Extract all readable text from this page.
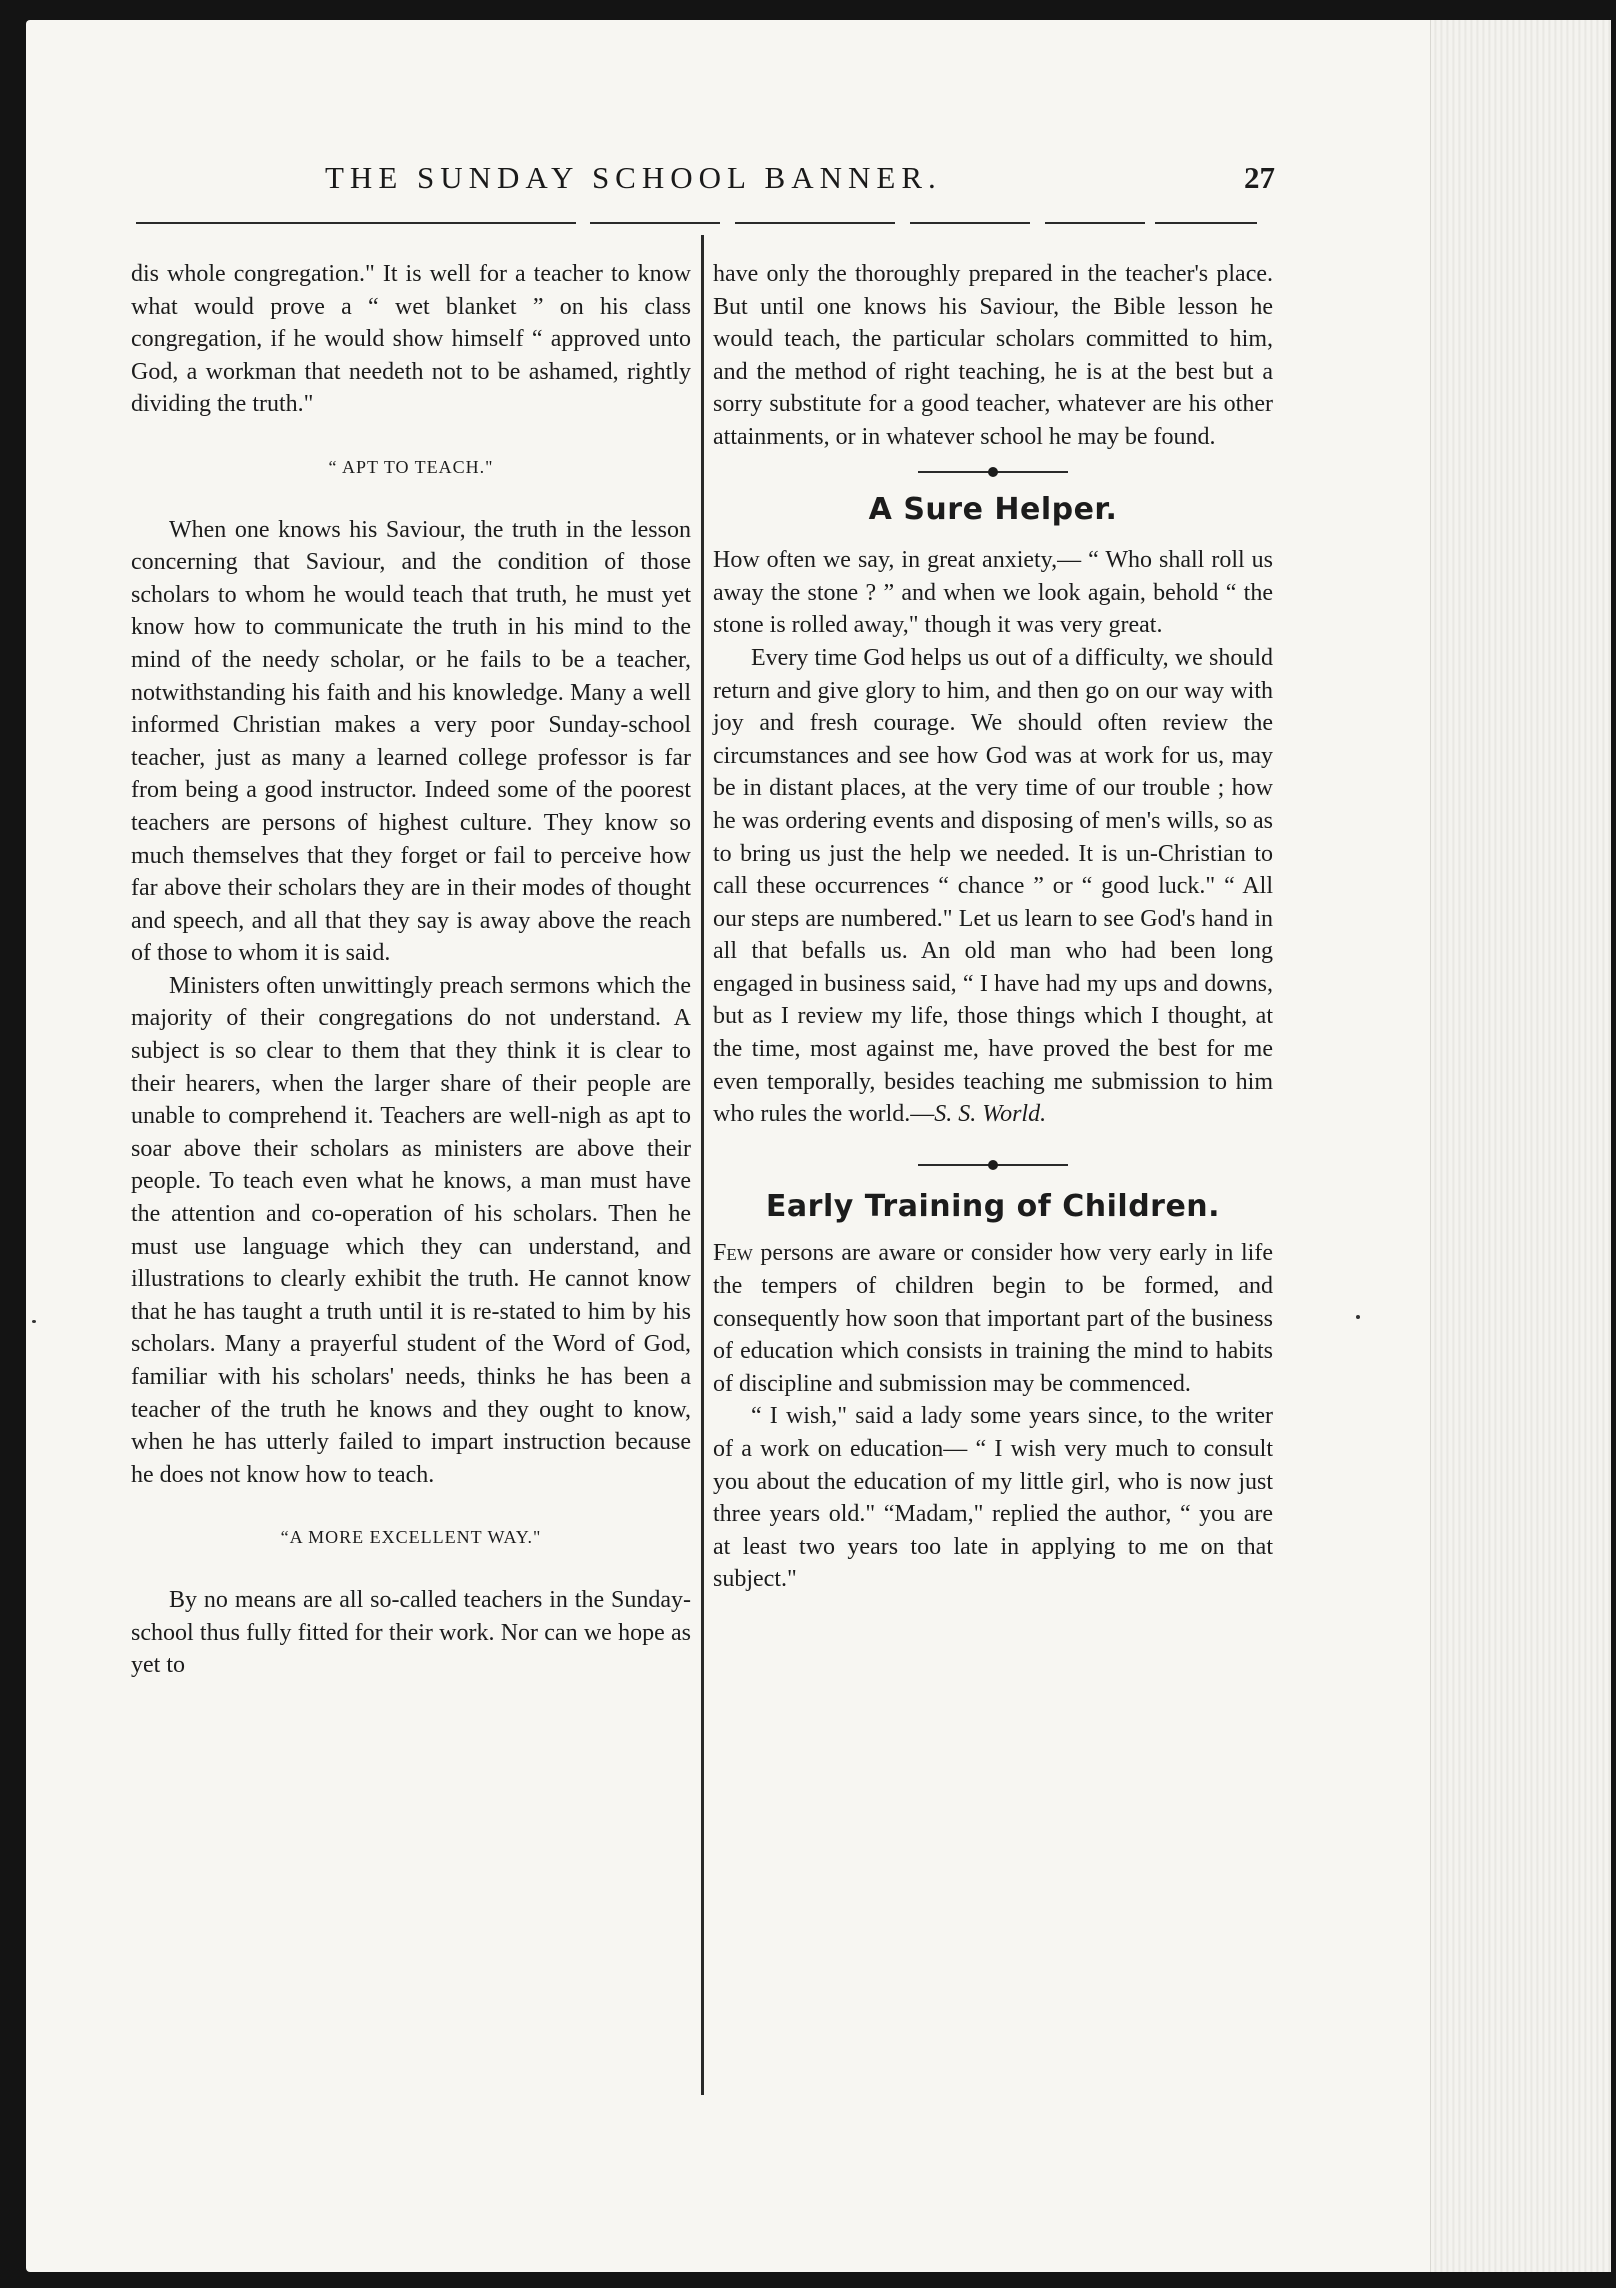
THE SUNDAY SCHOOL BANNER.	27

dis whole congregation." It is well for a teacher to know what would prove a “ wet blanket ” on his class congregation, if he would show himself “ approved unto God, a workman that needeth not to be ashamed, rightly dividing the truth."

“ APT TO TEACH."

When one knows his Saviour, the truth in the lesson concerning that Saviour, and the condition of those scholars to whom he would teach that truth, he must yet know how to communicate the truth in his mind to the mind of the needy scholar, or he fails to be a teacher, notwithstanding his faith and his knowledge. Many a well informed Christian makes a very poor Sunday-school teacher, just as many a learned college professor is far from being a good instructor. Indeed some of the poorest teachers are persons of highest culture. They know so much themselves that they forget or fail to perceive how far above their scholars they are in their modes of thought and speech, and all that they say is away above the reach of those to whom it is said.

Ministers often unwittingly preach sermons which the majority of their congregations do not understand. A subject is so clear to them that they think it is clear to their hearers, when the larger share of their people are unable to comprehend it. Teachers are well-nigh as apt to soar above their scholars as ministers are above their people. To teach even what he knows, a man must have the attention and co-operation of his scholars. Then he must use language which they can understand, and illustrations to clearly exhibit the truth. He cannot know that he has taught a truth until it is re-stated to him by his scholars. Many a prayerful student of the Word of God, familiar with his scholars' needs, thinks he has been a teacher of the truth he knows and they ought to know, when he has utterly failed to impart instruction because he does not know how to teach.

“A MORE EXCELLENT WAY."

By no means are all so-called teachers in the Sunday-school thus fully fitted for their work. Nor can we hope as yet to

have only the thoroughly prepared in the teacher's place. But until one knows his Saviour, the Bible lesson he would teach, the particular scholars committed to him, and the method of right teaching, he is at the best but a sorry substitute for a good teacher, whatever are his other attainments, or in whatever school he may be found.

A Sure Helper.

How often we say, in great anxiety,— “ Who shall roll us away the stone ? ” and when we look again, behold “ the stone is rolled away," though it was very great.

Every time God helps us out of a difficulty, we should return and give glory to him, and then go on our way with joy and fresh courage. We should often review the circumstances and see how God was at work for us, may be in distant places, at the very time of our trouble ; how he was ordering events and disposing of men's wills, so as to bring us just the help we needed. It is un-Christian to call these occurrences “ chance ” or “ good luck." “ All our steps are numbered." Let us learn to see God's hand in all that befalls us. An old man who had been long engaged in business said, “ I have had my ups and downs, but as I review my life, those things which I thought, at the time, most against me, have proved the best for me even temporally, besides teaching me submission to him who rules the world.—S. S. World.

Early Training of Children.

Few persons are aware or consider how very early in life the tempers of children begin to be formed, and consequently how soon that important part of the business of education which consists in training the mind to habits of discipline and submission may be commenced.

“ I wish," said a lady some years since, to the writer of a work on education— “ I wish very much to consult you about the education of my little girl, who is now just three years old." “Madam," replied the author, “ you are at least two years too late in applying to me on that subject."
